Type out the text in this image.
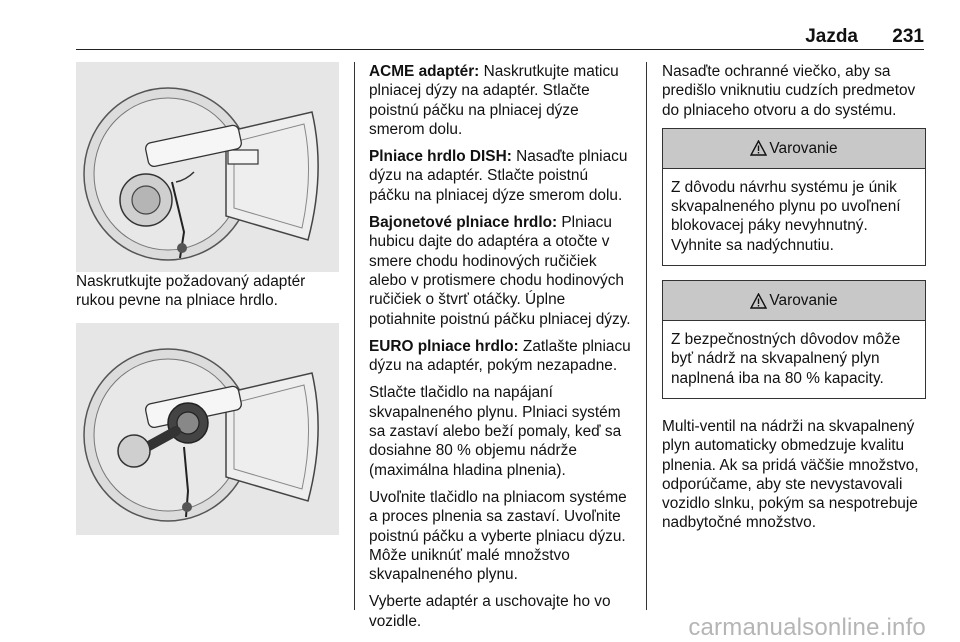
Jazda 231

Naskrutkujte požadovaný adaptér rukou pevne na plniace hrdlo.

ACME adaptér: Naskrutkujte maticu plniacej dýzy na adaptér. Stlačte poistnú páčku na plniacej dýze smerom dolu.

Plniace hrdlo DISH: Nasaďte plniacu dýzu na adaptér. Stlačte poistnú páčku na plniacej dýze smerom dolu.

Bajonetové plniace hrdlo: Plniacu hubicu dajte do adaptéra a otočte v smere chodu hodinových ručičiek alebo v protismere chodu hodinových ručičiek o štvrť otáčky. Úplne potiahnite poistnú páčku plniacej dýzy.

EURO plniace hrdlo: Zatlašte plniacu dýzu na adaptér, pokým nezapadne.

Stlačte tlačidlo na napájaní skvapalneného plynu. Plniaci systém sa zastaví alebo beží pomaly, keď sa dosiahne 80 % objemu nádrže (maximálna hladina plnenia).

Uvoľnite tlačidlo na plniacom systéme a proces plnenia sa zastaví. Uvoľnite poistnú páčku a vyberte plniacu dýzu. Môže uniknúť malé množstvo skvapalneného plynu.

Vyberte adaptér a uschovajte ho vo vozidle.

Nasaďte ochranné viečko, aby sa predišlo vniknutiu cudzích predmetov do plniaceho otvoru a do systému.

Varovanie
Z dôvodu návrhu systému je únik skvapalneného plynu po uvoľnení blokovacej páky nevyhnutný. Vyhnite sa nadýchnutiu.
Varovanie
Z bezpečnostných dôvodov môže byť nádrž na skvapalnený plyn naplnená iba na 80 % kapacity.

Multi-ventil na nádrži na skvapalnený plyn automaticky obmedzuje kvalitu plnenia. Ak sa pridá väčšie množstvo, odporúčame, aby ste nevystavovali vozidlo slnku, pokým sa nespotrebuje nadbytočné množstvo.

carmanualsonline.info
